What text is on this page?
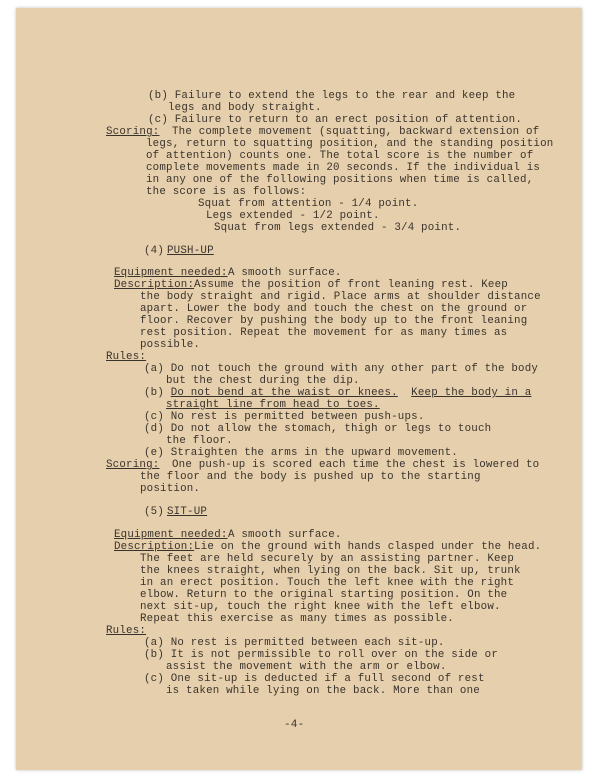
(b) Failure to extend the legs to the rear and keep the
legs and body straight.
(c) Failure to return to an erect position of attention.
Scoring: The complete movement (squatting, backward extension of
legs, return to squatting position, and the standing position
of attention) counts one. The total score is the number of
complete movements made in 20 seconds. If the individual is
in any one of the following positions when time is called,
the score is as follows:
Squat from attention - 1/4 point.
Legs extended - 1/2 point.
Squat from legs extended - 3/4 point.
(4) PUSH-UP
Equipment needed: A smooth surface.
Description: Assume the position of front leaning rest. Keep
the body straight and rigid. Place arms at shoulder distance
apart. Lower the body and touch the chest on the ground or
floor. Recover by pushing the body up to the front leaning
rest position. Repeat the movement for as many times as
possible.
Rules:
(a) Do not touch the ground with any other part of the body
but the chest during the dip.
(b) Do not bend at the waist or knees. Keep the body in a
straight line from head to toes.
(c) No rest is permitted between push-ups.
(d) Do not allow the stomach, thigh or legs to touch
the floor.
(e) Straighten the arms in the upward movement.
Scoring: One push-up is scored each time the chest is lowered to
the floor and the body is pushed up to the starting
position.
(5) SIT-UP
Equipment needed: A smooth surface.
Description: Lie on the ground with hands clasped under the head.
The feet are held securely by an assisting partner. Keep
the knees straight, when lying on the back. Sit up, trunk
in an erect position. Touch the left knee with the right
elbow. Return to the original starting position. On the
next sit-up, touch the right knee with the left elbow.
Repeat this exercise as many times as possible.
Rules:
(a) No rest is permitted between each sit-up.
(b) It is not permissible to roll over on the side or
assist the movement with the arm or elbow.
(c) One sit-up is deducted if a full second of rest
is taken while lying on the back. More than one
-4-
